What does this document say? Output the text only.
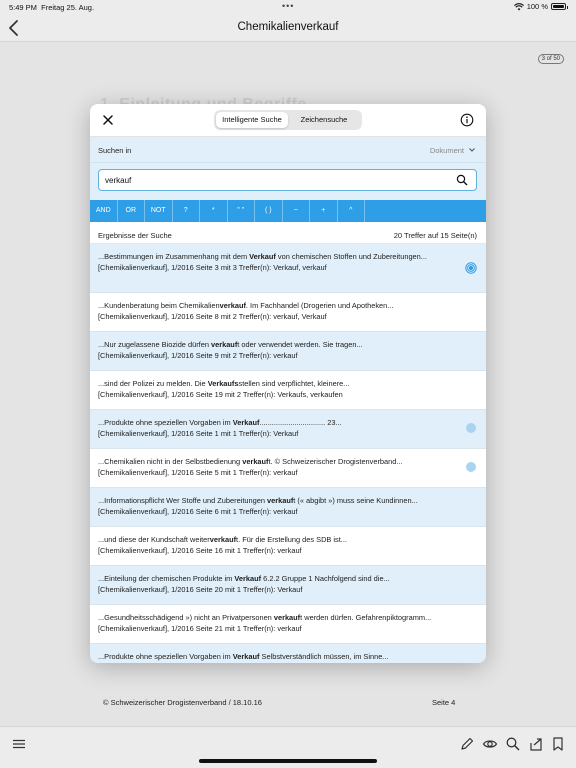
5:49 PM Freitag 25. Aug.	•••	100 %
Chemikalienverkauf
3 of 50
© Schweizerischer Drogistenverband / 18.10.16	Seite 4
Intelligente Suche	Zeichensuche
Suchen in	Dokument
verkauf
AND	OR	NOT	?	*	" "	( )	~	+	^
Ergebnisse der Suche	20 Treffer auf 15 Seite(n)
...Bestimmungen im Zusammenhang mit dem Verkauf von chemischen Stoffen und Zubereitungen...
[Chemikalienverkauf], 1/2016 Seite 3 mit 3 Treffer(n): Verkauf, verkauf
...Kundenberatung beim Chemikalienverkauf. Im Fachhandel (Drogerien und Apotheken...
[Chemikalienverkauf], 1/2016 Seite 8 mit 2 Treffer(n): verkauf, Verkauf
...Nur zugelassene Biozide dürfen verkauft oder verwendet werden. Sie tragen...
[Chemikalienverkauf], 1/2016 Seite 9 mit 2 Treffer(n): verkauf
...sind der Polizei zu melden. Die Verkaufsstellen sind verpflichtet, kleinere...
[Chemikalienverkauf], 1/2016 Seite 19 mit 2 Treffer(n): Verkaufs, verkaufen
...Produkte ohne speziellen Vorgaben im Verkauf................................ 23...
[Chemikalienverkauf], 1/2016 Seite 1 mit 1 Treffer(n): Verkauf
...Chemikalien nicht in der Selbstbedienung verkauft. © Schweizerischer Drogistenverband...
[Chemikalienverkauf], 1/2016 Seite 5 mit 1 Treffer(n): verkauf
...Informationspflicht Wer Stoffe und Zubereitungen verkauft (« abgibt ») muss seine Kundinnen...
[Chemikalienverkauf], 1/2016 Seite 6 mit 1 Treffer(n): verkauf
...und diese der Kundschaft weiterverkauft. Für die Erstellung des SDB ist...
[Chemikalienverkauf], 1/2016 Seite 16 mit 1 Treffer(n): verkauf
...Einteilung der chemischen Produkte im Verkauf 6.2.2 Gruppe 1 Nachfolgend sind die...
[Chemikalienverkauf], 1/2016 Seite 20 mit 1 Treffer(n): Verkauf
...Gesundheitsschädigend ») nicht an Privatpersonen verkauft werden dürfen. Gefahrenpiktogramm...
[Chemikalienverkauf], 1/2016 Seite 21 mit 1 Treffer(n): verkauf
...Produkte ohne speziellen Vorgaben im Verkauf Selbstverständlich müssen, im Sinne...
